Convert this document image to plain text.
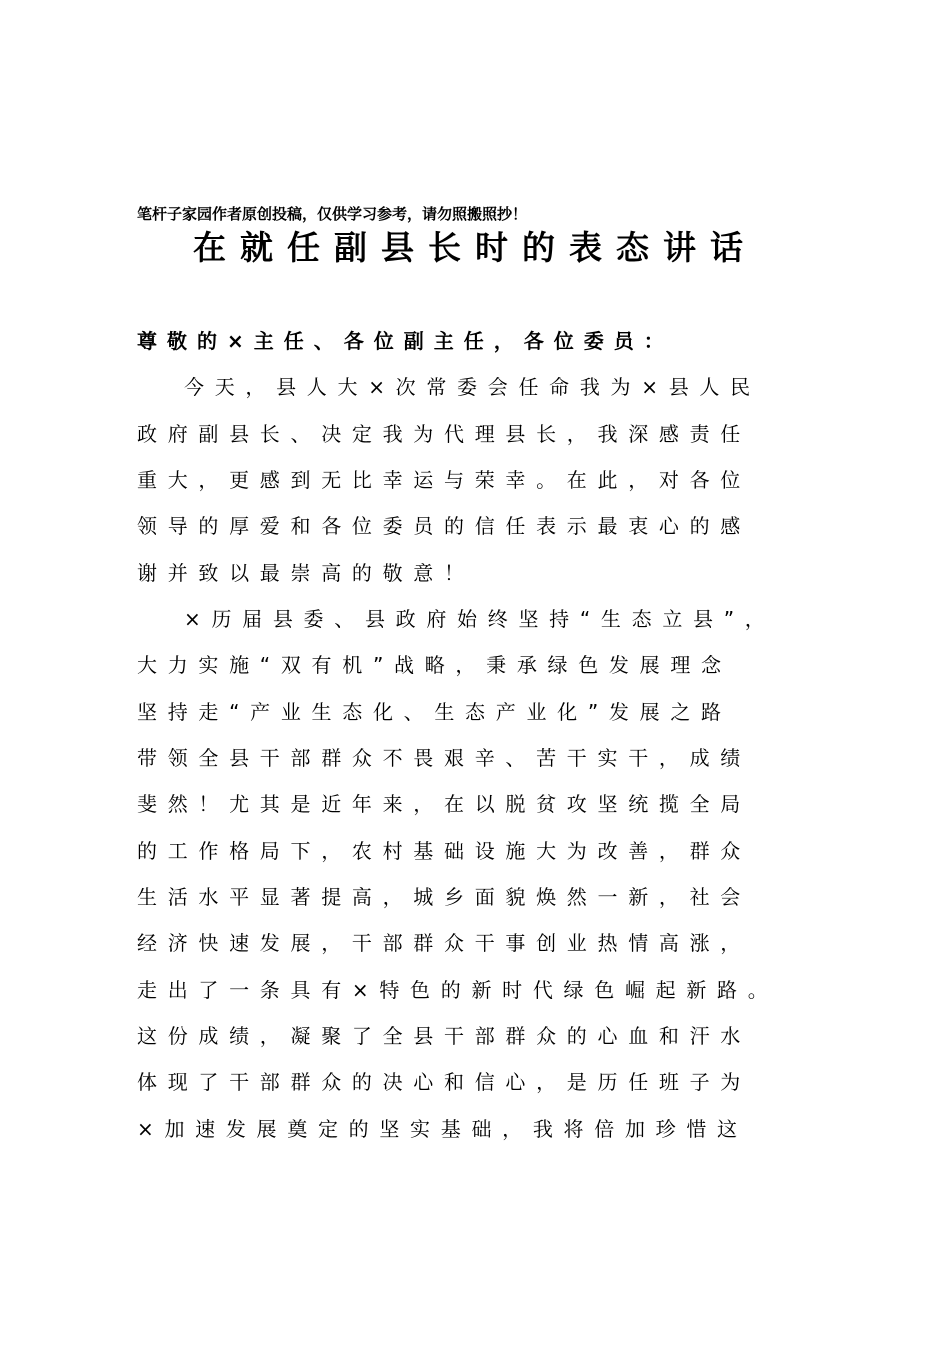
笔杆子家园作者原创投稿，仅供学习参考，请勿照搬照抄！
在就任副县长时的表态讲话
尊敬的×主任、各位副主任，各位委员：
今天，县人大×次常委会任命我为×县人民
政府副县长、决定我为代理县长，我深感责任
重大，更感到无比幸运与荣幸。在此，对各位
领导的厚爱和各位委员的信任表示最衷心的感
谢并致以最崇高的敬意！
×历届县委、县政府始终坚持“生态立县”，
大力实施“双有机”战略，秉承绿色发展理念
坚持走“产业生态化、生态产业化”发展之路
带领全县干部群众不畏艰辛、苦干实干，成绩
斐然！尤其是近年来，在以脱贫攻坚统揽全局
的工作格局下，农村基础设施大为改善，群众
生活水平显著提高，城乡面貌焕然一新，社会
经济快速发展，干部群众干事创业热情高涨，
走出了一条具有×特色的新时代绿色崛起新路。
这份成绩，凝聚了全县干部群众的心血和汗水
体现了干部群众的决心和信心，是历任班子为
×加速发展奠定的坚实基础，我将倍加珍惜这
